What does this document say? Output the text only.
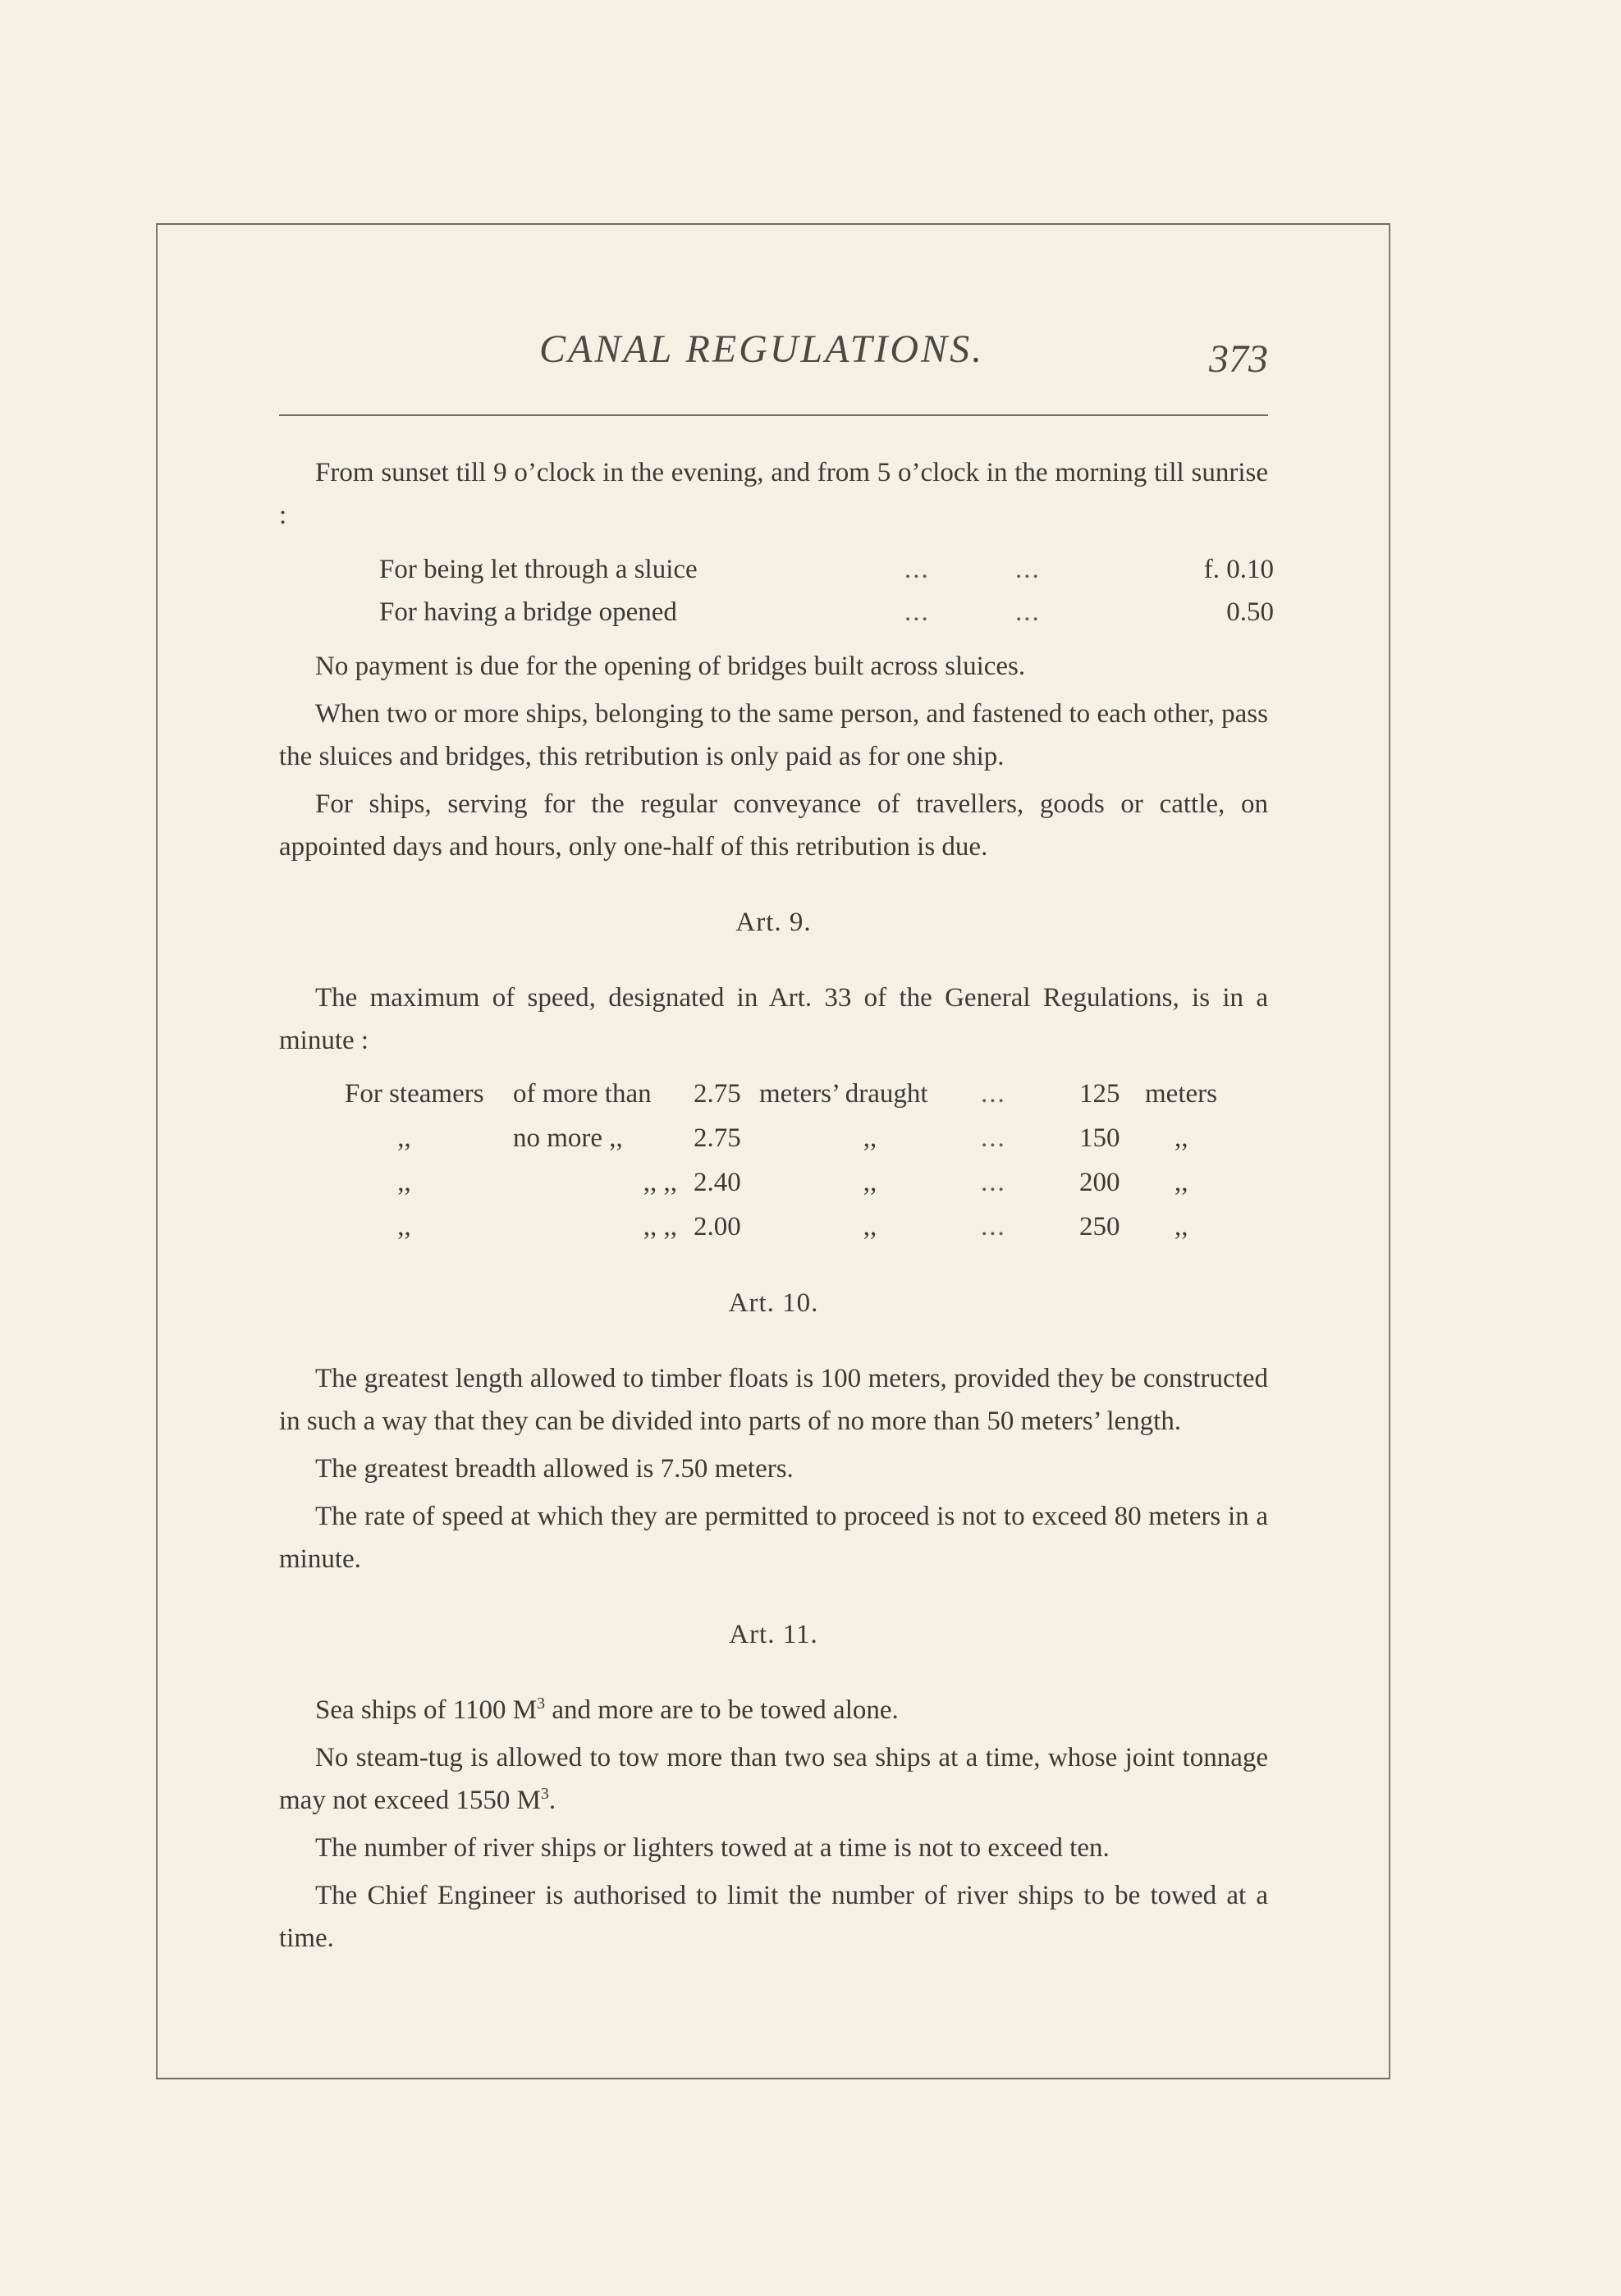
CANAL REGULATIONS.	373

From sunset till 9 o’clock in the evening, and from 5 o’clock in the morning till sunrise :

For being let through a sluice	...	...	f. 0.10
For having a bridge opened	...	...	0.50

No payment is due for the opening of bridges built across sluices.

When two or more ships, belonging to the same person, and fastened to each other, pass the sluices and bridges, this retribution is only paid as for one ship.

For ships, serving for the regular conveyance of travellers, goods or cattle, on appointed days and hours, only one-half of this retribution is due.

Art. 9.

The maximum of speed, designated in Art. 33 of the General Regulations, is in a minute :

For steamers	of more than	2.75	meters’ draught	...	125	meters
,,	no more ,,	2.75	,,	...	150	,,
,,	,, ,,	2.40	,,	...	200	,,
,,	,, ,,	2.00	,,	...	250	,,
Art. 10.

The greatest length allowed to timber floats is 100 meters, provided they be constructed in such a way that they can be divided into parts of no more than 50 meters’ length.

The greatest breadth allowed is 7.50 meters.

The rate of speed at which they are permitted to proceed is not to exceed 80 meters in a minute.

Art. 11.

Sea ships of 1100 $M^3$ and more are to be towed alone.

No steam-tug is allowed to tow more than two sea ships at a time, whose joint tonnage may not exceed 1550 $M^3$.

The number of river ships or lighters towed at a time is not to exceed ten.

The Chief Engineer is authorised to limit the number of river ships to be towed at a time.
